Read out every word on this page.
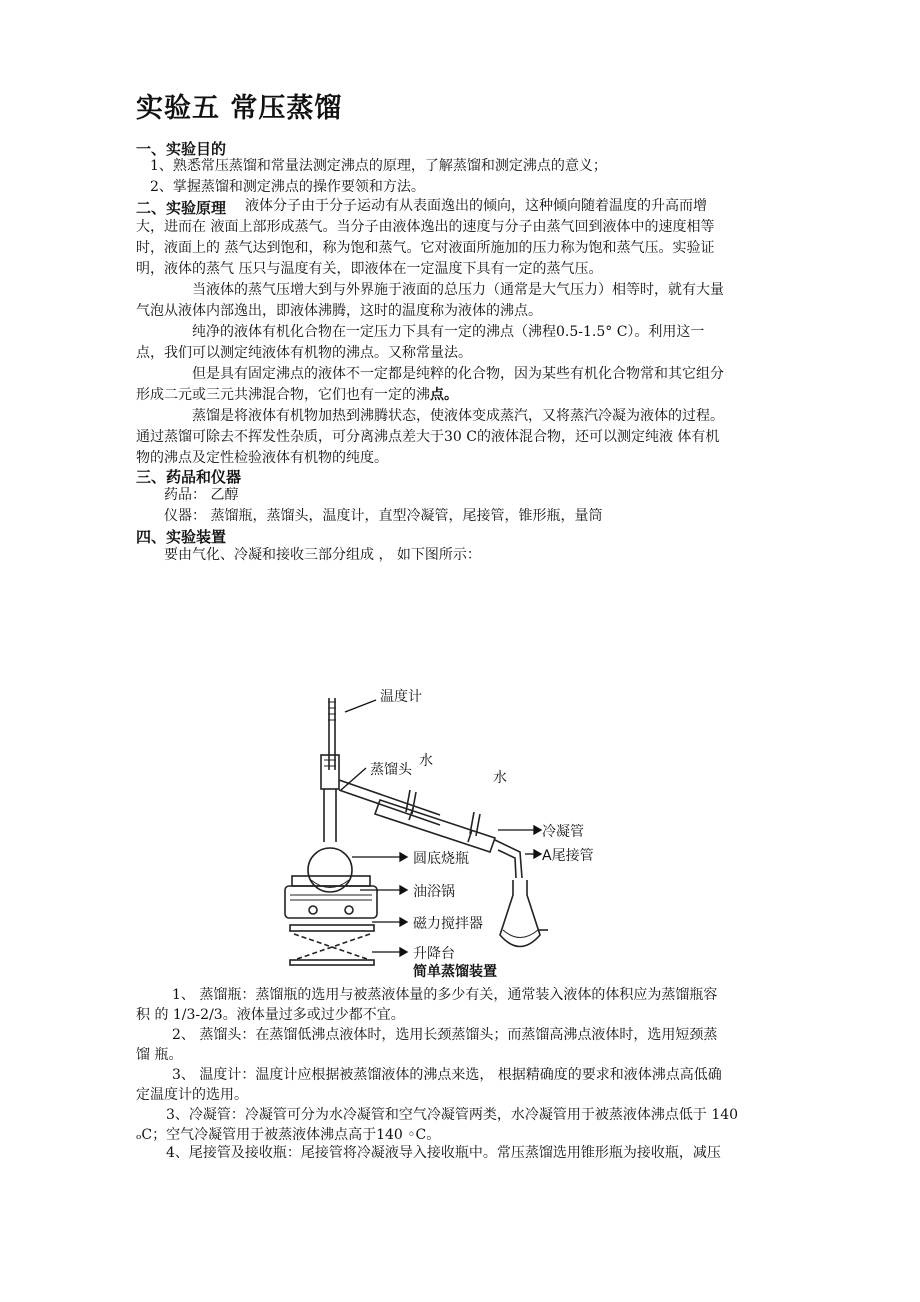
实验五 常压蒸馏

一、实验目的

1、熟悉常压蒸馏和常量法测定沸点的原理，了解蒸馏和测定沸点的意义；

2、掌握蒸馏和测定沸点的操作要领和方法。

二、实验原理 液体分子由于分子运动有从表面逸出的倾向，这种倾向随着温度的升高而增

大，进而在 液面上部形成蒸气。当分子由液体逸出的速度与分子由蒸气回到液体中的速度相等

时，液面上的 蒸气达到饱和，称为饱和蒸气。它对液面所施加的压力称为饱和蒸气压。实验证

明，液体的蒸气 压只与温度有关，即液体在一定温度下具有一定的蒸气压。

当液体的蒸气压增大到与外界施于液面的总压力（通常是大气压力）相等时，就有大量

气泡从液体内部逸出，即液体沸腾，这时的温度称为液体的沸点。

纯净的液体有机化合物在一定压力下具有一定的沸点（沸程0.5-1.5° C）。利用这一

点，我们可以测定纯液体有机物的沸点。又称常量法。

但是具有固定沸点的液体不一定都是纯粹的化合物，因为某些有机化合物常和其它组分

形成二元或三元共沸混合物，它们也有一定的沸点。

蒸馏是将液体有机物加热到沸腾状态，使液体变成蒸汽，又将蒸汽冷凝为液体的过程。

通过蒸馏可除去不挥发性杂质，可分离沸点差大于30 C的液体混合物，还可以测定纯液 体有机

物的沸点及定性检验液体有机物的纯度。

三、药品和仪器

药品： 乙醇

仪器： 蒸馏瓶，蒸馏头，温度计，直型冷凝管，尾接管，锥形瓶，量筒

四、实验装置

要由气化、冷凝和接收三部分组成 ， 如下图所示：

温度计
水
蒸馏头	水
冷凝管
A尾接管
圆底烧瓶
油浴锅
磁力搅拌器
升降台
简单蒸馏装置

1、 蒸馏瓶：蒸馏瓶的选用与被蒸液体量的多少有关，通常装入液体的体积应为蒸馏瓶容

积 的 1/3-2/3。液体量过多或过少都不宜。

2、 蒸馏头：在蒸馏低沸点液体时，选用长颈蒸馏头；而蒸馏高沸点液体时，选用短颈蒸

馏 瓶。

3、 温度计：温度计应根据被蒸馏液体的沸点来选， 根据精确度的要求和液体沸点高低确

定温度计的选用。

3、冷凝管：冷凝管可分为水冷凝管和空气冷凝管两类，水冷凝管用于被蒸液体沸点低于 140

ₒC；空气冷凝管用于被蒸液体沸点高于140 ◦C。

4、尾接管及接收瓶：尾接管将冷凝液导入接收瓶中。常压蒸馏选用锥形瓶为接收瓶，减压
